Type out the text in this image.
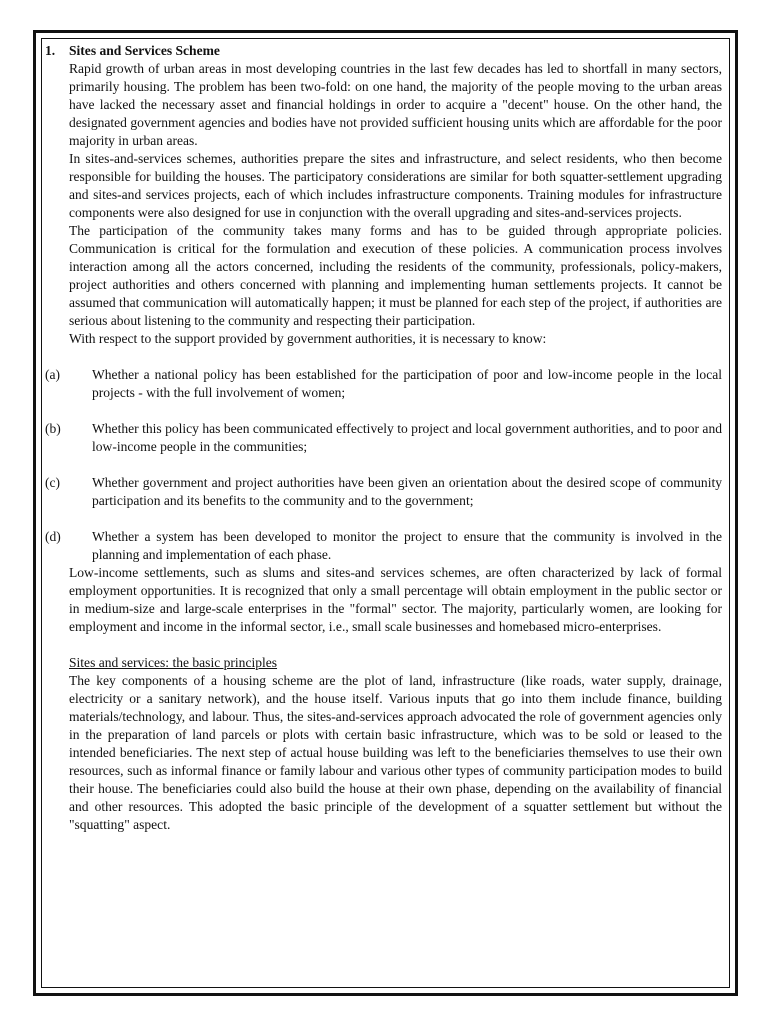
1. Sites and Services Scheme

Rapid growth of urban areas in most developing countries in the last few decades has led to shortfall in many sectors, primarily housing. The problem has been two-fold: on one hand, the majority of the people moving to the urban areas have lacked the necessary asset and financial holdings in order to acquire a "decent" house. On the other hand, the designated government agencies and bodies have not provided sufficient housing units which are affordable for the poor majority in urban areas.

In sites-and-services schemes, authorities prepare the sites and infrastructure, and select residents, who then become responsible for building the houses. The participatory considerations are similar for both squatter-settlement upgrading and sites-and services projects, each of which includes infrastructure components. Training modules for infrastructure components were also designed for use in conjunction with the overall upgrading and sites-and-services projects.

The participation of the community takes many forms and has to be guided through appropriate policies. Communication is critical for the formulation and execution of these policies. A communication process involves interaction among all the actors concerned, including the residents of the community, professionals, policy-makers, project authorities and others concerned with planning and implementing human settlements projects. It cannot be assumed that communication will automatically happen; it must be planned for each step of the project, if authorities are serious about listening to the community and respecting their participation.

With respect to the support provided by government authorities, it is necessary to know:

(a) Whether a national policy has been established for the participation of poor and low-income people in the local projects - with the full involvement of women;
(b) Whether this policy has been communicated effectively to project and local government authorities, and to poor and low-income people in the communities;
(c) Whether government and project authorities have been given an orientation about the desired scope of community participation and its benefits to the community and to the government;
(d) Whether a system has been developed to monitor the project to ensure that the community is involved in the planning and implementation of each phase.

Low-income settlements, such as slums and sites-and services schemes, are often characterized by lack of formal employment opportunities. It is recognized that only a small percentage will obtain employment in the public sector or in medium-size and large-scale enterprises in the "formal" sector. The majority, particularly women, are looking for employment and income in the informal sector, i.e., small scale businesses and homebased micro-enterprises.

Sites and services: the basic principles

The key components of a housing scheme are the plot of land, infrastructure (like roads, water supply, drainage, electricity or a sanitary network), and the house itself. Various inputs that go into them include finance, building materials/technology, and labour. Thus, the sites-and-services approach advocated the role of government agencies only in the preparation of land parcels or plots with certain basic infrastructure, which was to be sold or leased to the intended beneficiaries. The next step of actual house building was left to the beneficiaries themselves to use their own resources, such as informal finance or family labour and various other types of community participation modes to build their house. The beneficiaries could also build the house at their own phase, depending on the availability of financial and other resources. This adopted the basic principle of the development of a squatter settlement but without the "squatting" aspect.
